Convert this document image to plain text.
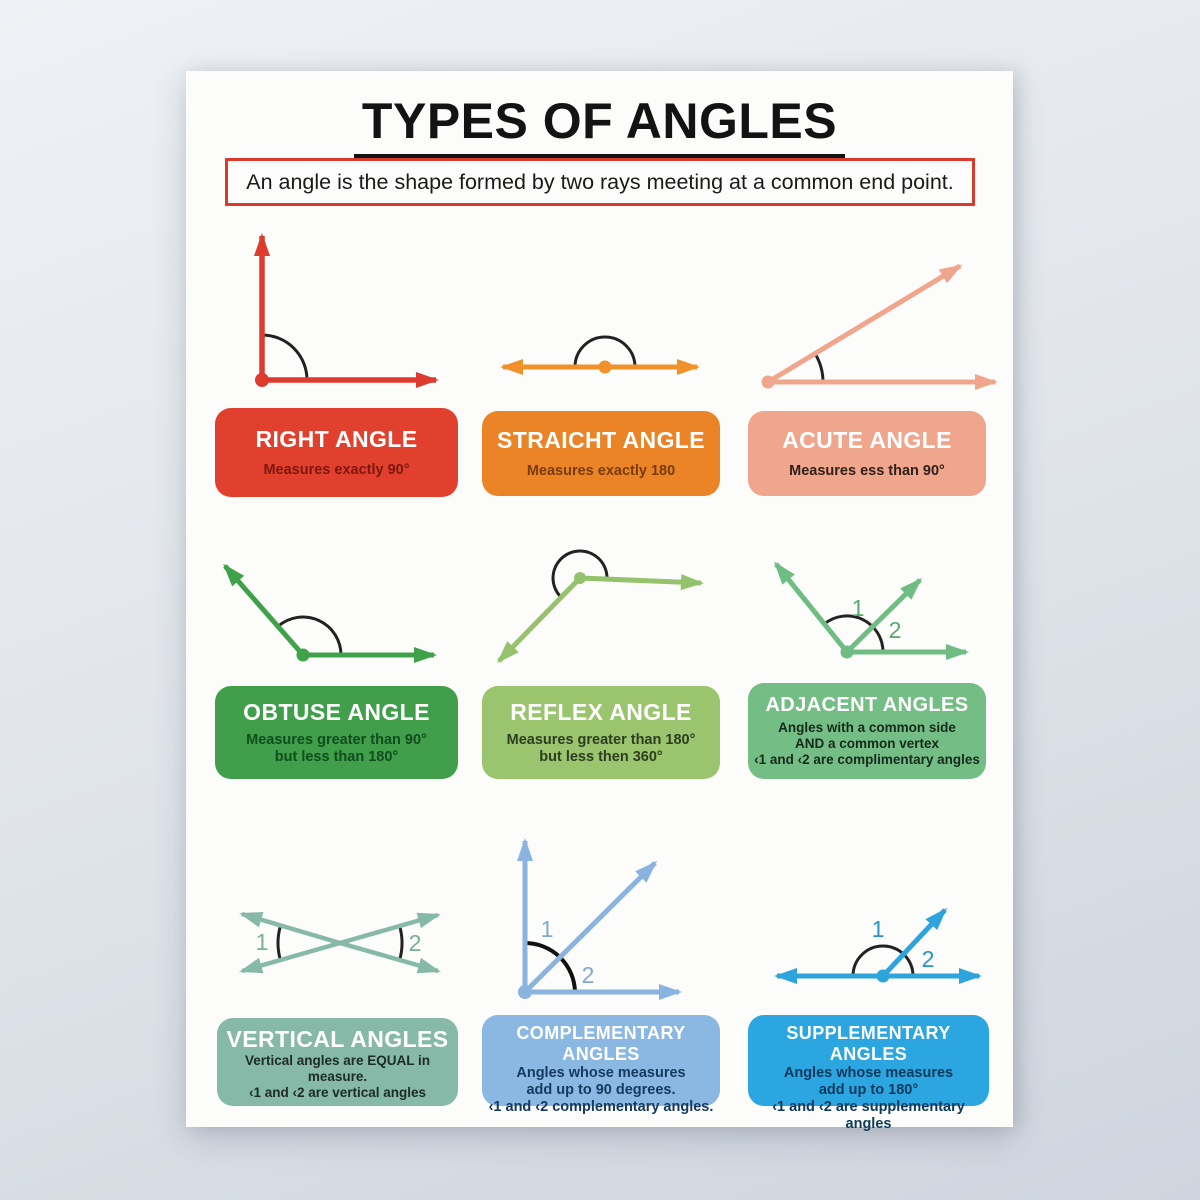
TYPES OF ANGLES
An angle is the shape formed by two rays meeting at a common end point.
1
2
1	2
1
2
1
2
RIGHT ANGLE
Measures exactly 90°
STRAICHT ANGLE
Measures exactly 180
ACUTE ANGLE
Measures ess than 90°
OBTUSE ANGLE
Measures greater than 90°
but less than 180°
REFLEX ANGLE
Measures greater than 180°
but less then 360°
ADJACENT ANGLES
Angles with a common side
AND a common vertex
‹1 and ‹2 are complimentary angles
VERTICAL ANGLES
Vertical angles are EQUAL in measure.
‹1 and ‹2 are vertical angles
COMPLEMENTARY ANGLES
Angles whose measures
add up to 90 degrees.
‹1 and ‹2 complementary angles.
SUPPLEMENTARY ANGLES
Angles whose measures
add up to 180°
‹1 and ‹2 are supplementary angles
